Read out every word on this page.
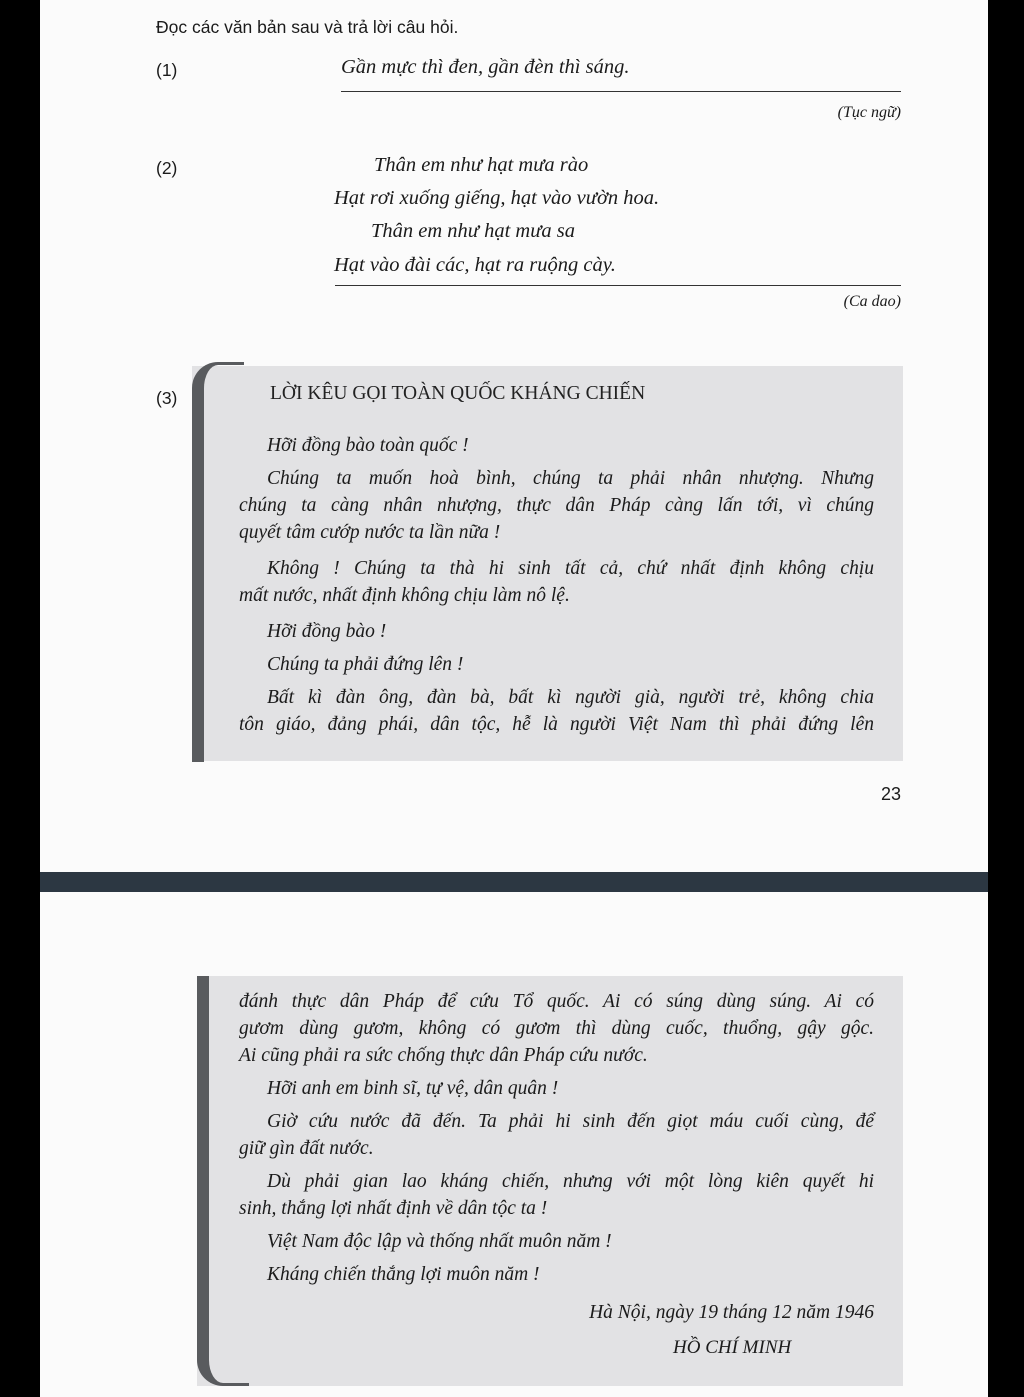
Đọc các văn bản sau và trả lời câu hỏi.
(1)	Gần mực thì đen, gần đèn thì sáng.
(Tục ngữ)
(2)	Thân em như hạt mưa rào
Hạt rơi xuống giếng, hạt vào vườn hoa.
Thân em như hạt mưa sa
Hạt vào đài các, hạt ra ruộng cày.
(Ca dao)
(3)	LỜI KÊU GỌI TOÀN QUỐC KHÁNG CHIẾN
Hỡi đồng bào toàn quốc !
Chúng ta muốn hoà bình, chúng ta phải nhân nhượng. Nhưng
chúng ta càng nhân nhượng, thực dân Pháp càng lấn tới, vì chúng
quyết tâm cướp nước ta lần nữa !
Không ! Chúng ta thà hi sinh tất cả, chứ nhất định không chịu
mất nước, nhất định không chịu làm nô lệ.
Hỡi đồng bào !
Chúng ta phải đứng lên !
Bất kì đàn ông, đàn bà, bất kì người già, người trẻ, không chia
tôn giáo, đảng phái, dân tộc, hễ là người Việt Nam thì phải đứng lên
23
đánh thực dân Pháp để cứu Tổ quốc. Ai có súng dùng súng. Ai có
gươm dùng gươm, không có gươm thì dùng cuốc, thuổng, gậy gộc.
Ai cũng phải ra sức chống thực dân Pháp cứu nước.
Hỡi anh em binh sĩ, tự vệ, dân quân !
Giờ cứu nước đã đến. Ta phải hi sinh đến giọt máu cuối cùng, để
giữ gìn đất nước.
Dù phải gian lao kháng chiến, nhưng với một lòng kiên quyết hi
sinh, thắng lợi nhất định về dân tộc ta !
Việt Nam độc lập và thống nhất muôn năm !
Kháng chiến thắng lợi muôn năm !
Hà Nội, ngày 19 tháng 12 năm 1946
HỒ CHÍ MINH
